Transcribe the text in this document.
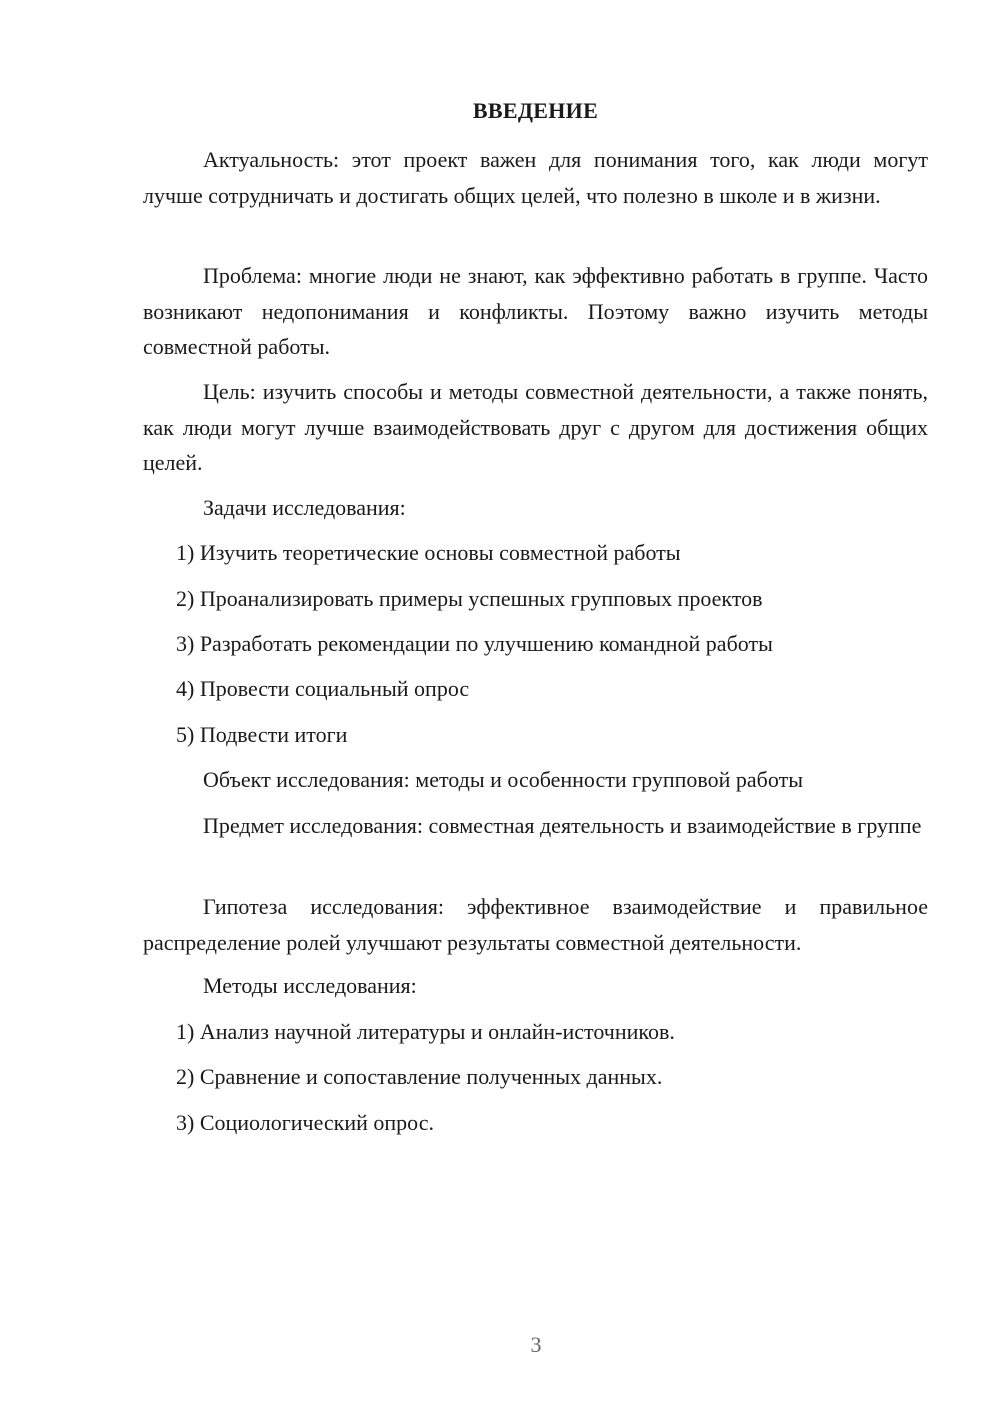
ВВЕДЕНИЕ

Актуальность: этот проект важен для понимания того, как люди могут лучше сотрудничать и достигать общих целей, что полезно в школе и в жизни.

Проблема: многие люди не знают, как эффективно работать в группе. Часто возникают недопонимания и конфликты. Поэтому важно изучить методы совместной работы.

Цель: изучить способы и методы совместной деятельности, а также понять, как люди могут лучше взаимодействовать друг с другом для достижения общих целей.

Задачи исследования:

1) Изучить теоретические основы совместной работы

2) Проанализировать примеры успешных групповых проектов

3) Разработать рекомендации по улучшению командной работы

4) Провести социальный опрос

5) Подвести итоги

Объект исследования: методы и особенности групповой работы

Предмет исследования: совместная деятельность и взаимодействие в группе

Гипотеза исследования: эффективное взаимодействие и правильное распределение ролей улучшают результаты совместной деятельности.

Методы исследования:

1) Анализ научной литературы и онлайн-источников.

2) Сравнение и сопоставление полученных данных.

3) Социологический опрос.

3
